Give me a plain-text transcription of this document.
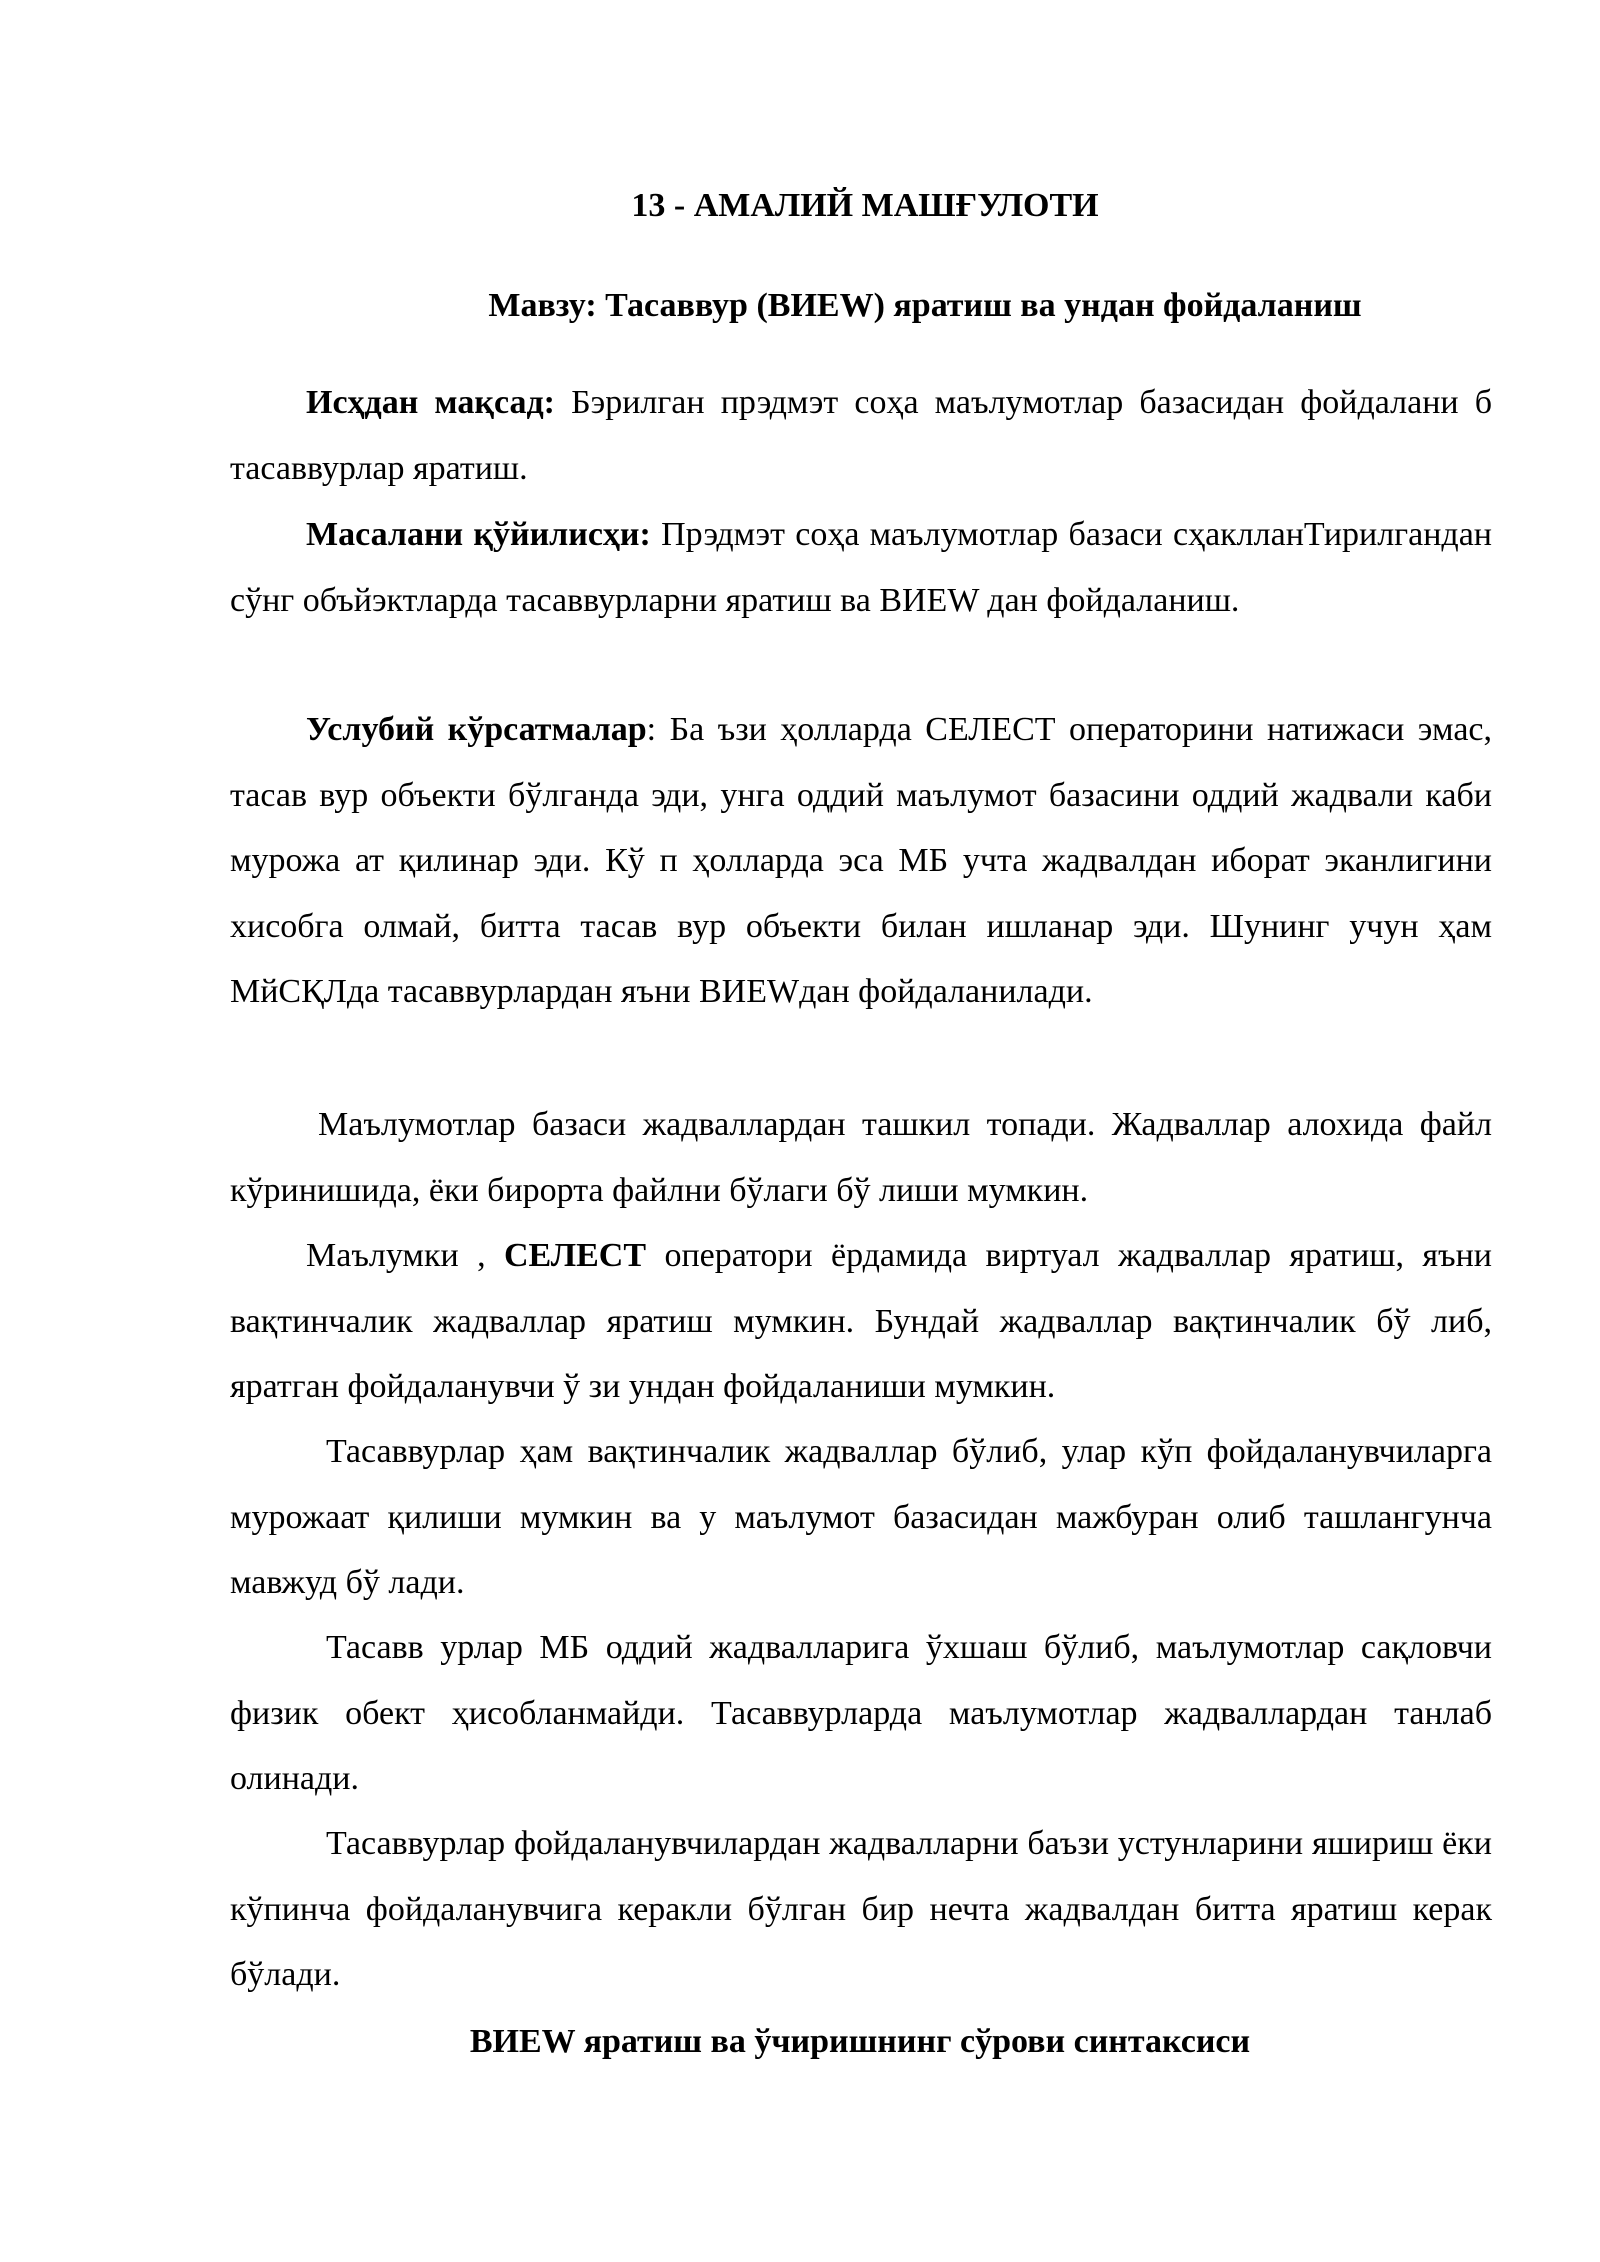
13 - АМАЛИЙ МАШҒУЛОТИ
Мавзу: Тасаввур (ВИЕW) яратиш ва ундан фойдаланиш

Исҳдан мақсад: Бэрилган прэдмэт соҳа маълумотлар базасидан фойдалани б тасаввурлар яратиш.

Масалани қўйилисҳи: Прэдмэт соҳа маълумотлар базаси сҳаклланТирилгандан сўнг объйэктларда тасаввурларни яратиш ва ВИЕW дан фойдаланиш.

Услубий кўрсатмалар: Ба ъзи ҳолларда СЕЛЕСТ операторини натижаси эмас, тасав вур объекти бўлганда эди, унга оддий маълумот базасини оддий жадвали каби мурожа ат қилинар эди. Кў п ҳолларда эса МБ учта жадвалдан иборат эканлигини хисобга олмай, битта тасав вур объекти билан ишланар эди. Шунинг учун ҳам МйСҚЛда тасаввурлардан яъни ВИЕWдан фойдаланилади.

Маълумотлар базаси жадваллардан ташкил топади. Жадваллар алохида файл кўринишида, ёки бирорта файлни бўлаги бў лиши мумкин.

Маълумки , СЕЛЕСТ оператори ёрдамида виртуал жадваллар яратиш, яъни вақтинчалик жадваллар яратиш мумкин. Бундай жадваллар вақтинчалик бў либ, яратган фойдаланувчи ў зи ундан фойдаланиши мумкин.

Тасаввурлар ҳам вақтинчалик жадваллар бўлиб, улар кўп фойдаланувчиларга мурожаат қилиши мумкин ва у маълумот базасидан мажбуран олиб ташлангунча мавжуд бў лади.

Тасавв урлар МБ оддий жадвалларига ўхшаш бўлиб, маълумотлар сақловчи физик обект ҳисобланмайди. Тасаввурларда маълумотлар жадваллардан танлаб олинади.

Тасаввурлар фойдаланувчилардан жадвалларни баъзи устунларини яшириш ёки кўпинча фойдаланувчига керакли бўлган бир нечта жадвалдан битта яратиш керак бўлади.

ВИЕW яратиш ва ўчиришнинг сўрови синтаксиси
